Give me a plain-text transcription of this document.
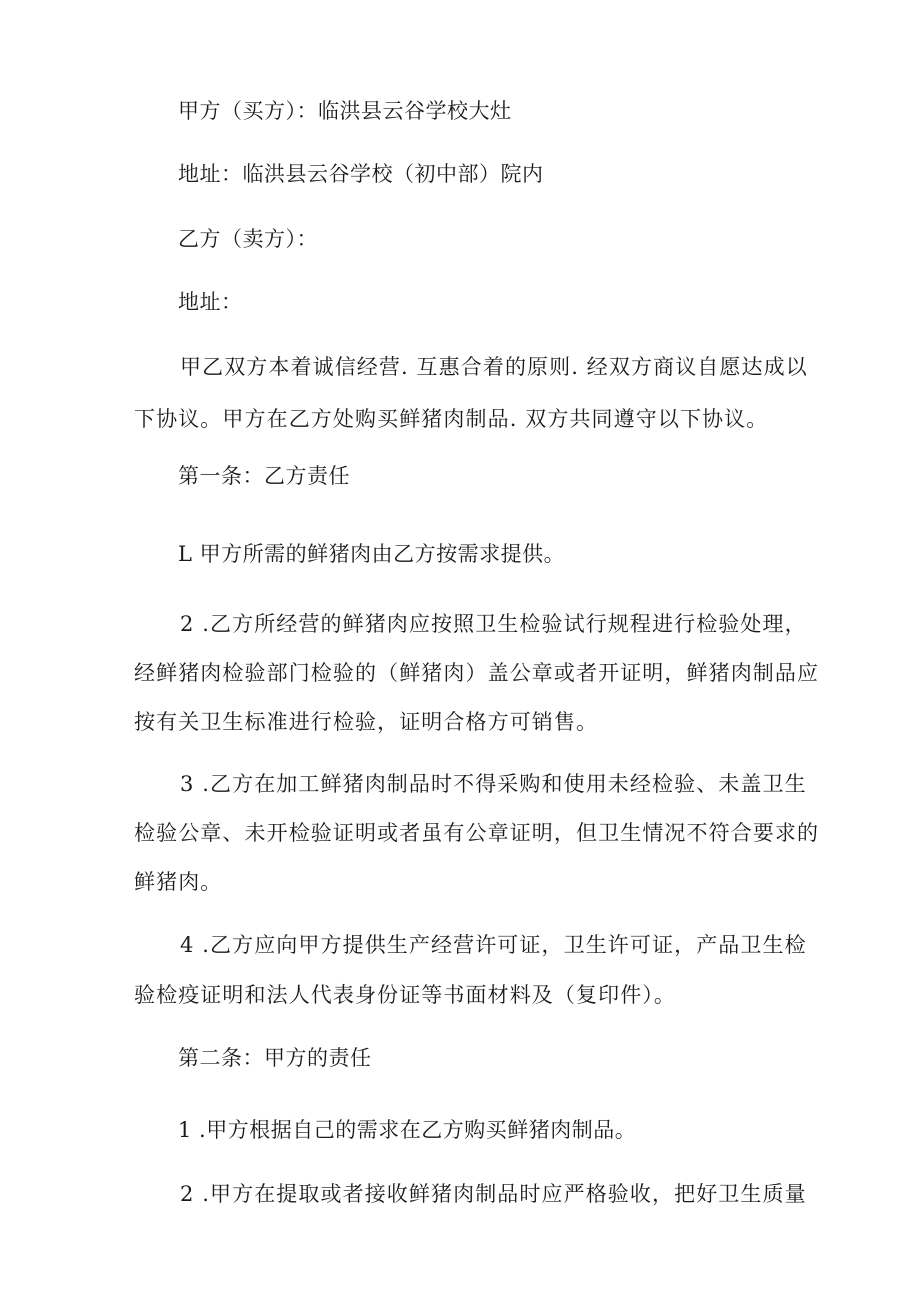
甲方（买方）：临洪县云谷学校大灶

地址：临洪县云谷学校（初中部）院内

乙方（卖方）：

地址：

甲乙双方本着诚信经营. 互惠合着的原则. 经双方商议自愿达成以

下协议。甲方在乙方处购买鲜猪肉制品. 双方共同遵守以下协议。

第一条：乙方责任

L 甲方所需的鲜猪肉由乙方按需求提供。

2 .乙方所经营的鲜猪肉应按照卫生检验试行规程进行检验处理，

经鲜猪肉检验部门检验的（鲜猪肉）盖公章或者开证明，鲜猪肉制品应

按有关卫生标准进行检验，证明合格方可销售。

3 .乙方在加工鲜猪肉制品时不得采购和使用未经检验、未盖卫生

检验公章、未开检验证明或者虽有公章证明，但卫生情况不符合要求的

鲜猪肉。

4 .乙方应向甲方提供生产经营许可证，卫生许可证，产品卫生检

验检疫证明和法人代表身份证等书面材料及（复印件）。

第二条：甲方的责任

1 .甲方根据自己的需求在乙方购买鲜猪肉制品。

2 .甲方在提取或者接收鲜猪肉制品时应严格验收，把好卫生质量
